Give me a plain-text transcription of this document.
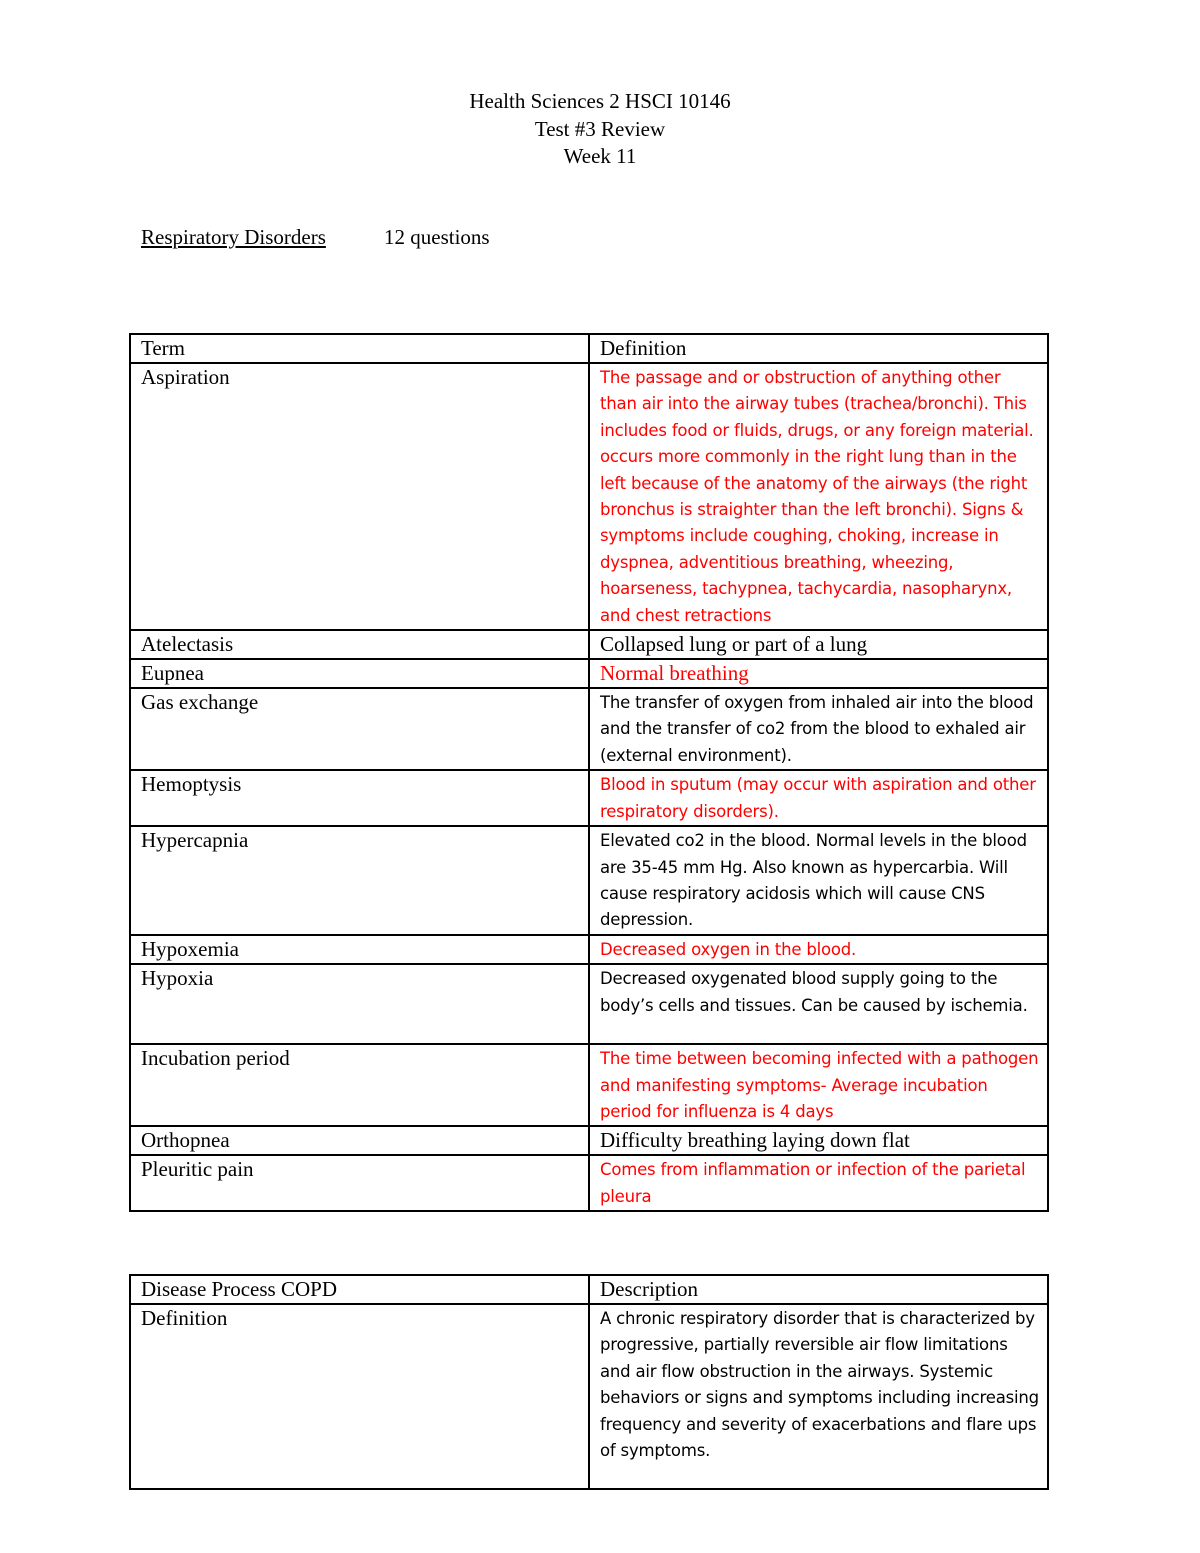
Health Sciences 2 HSCI 10146
Test #3 Review
Week 11
Respiratory Disorders	12 questions
Term	Definition
Aspiration	The passage and or obstruction of anything other than air into the airway tubes (trachea/bronchi). This includes food or fluids, drugs, or any foreign material. occurs more commonly in the right lung than in the left because of the anatomy of the airways (the right bronchus is straighter than the left bronchi). Signs & symptoms include coughing, choking, increase in dyspnea, adventitious breathing, wheezing, hoarseness, tachypnea, tachycardia, nasopharynx, and chest retractions
Atelectasis	Collapsed lung or part of a lung
Eupnea	Normal breathing
Gas exchange	The transfer of oxygen from inhaled air into the blood and the transfer of co2 from the blood to exhaled air (external environment).
Hemoptysis	Blood in sputum (may occur with aspiration and other respiratory disorders).
Hypercapnia	Elevated co2 in the blood. Normal levels in the blood are 35-45 mm Hg. Also known as hypercarbia. Will cause respiratory acidosis which will cause CNS depression.
Hypoxemia	Decreased oxygen in the blood.
Hypoxia	Decreased oxygenated blood supply going to the body’s cells and tissues. Can be caused by ischemia.
Incubation period	The time between becoming infected with a pathogen and manifesting symptoms- Average incubation period for influenza is 4 days
Orthopnea	Difficulty breathing laying down flat
Pleuritic pain	Comes from inflammation or infection of the parietal pleura
Disease Process COPD	Description
Definition	A chronic respiratory disorder that is characterized by progressive, partially reversible air flow limitations and air flow obstruction in the airways. Systemic behaviors or signs and symptoms including increasing frequency and severity of exacerbations and flare ups of symptoms.
